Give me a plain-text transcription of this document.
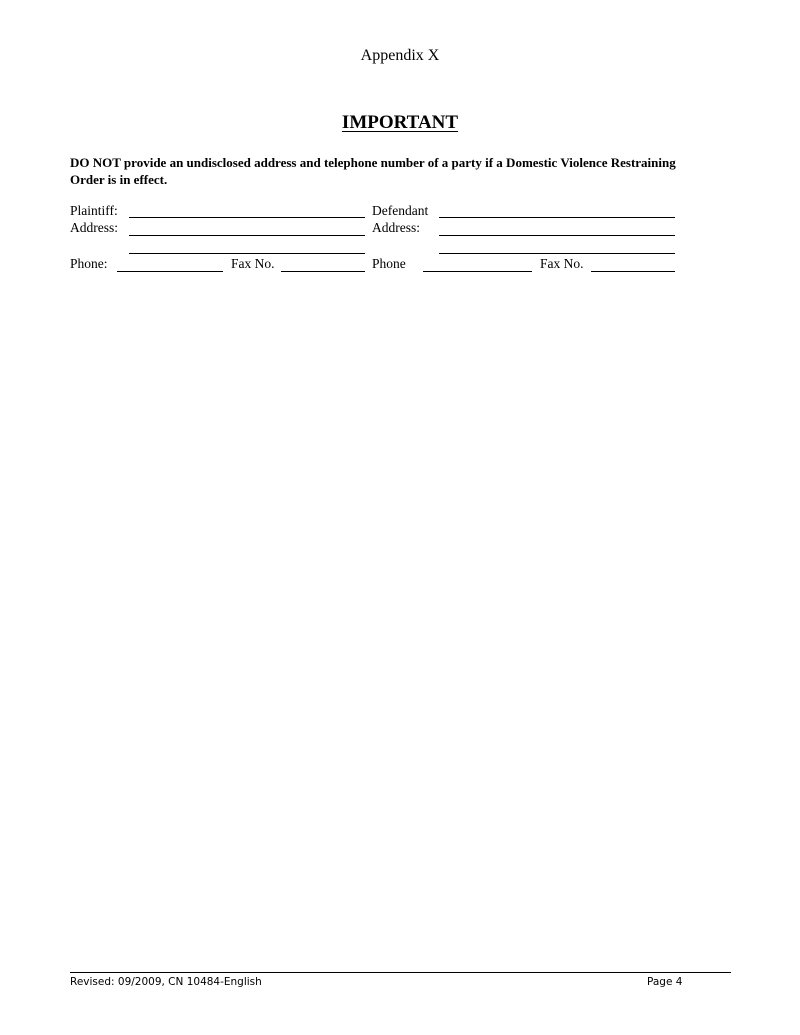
Appendix X
IMPORTANT
DO NOT provide an undisclosed address and telephone number of a party if a Domestic Violence Restraining Order is in effect.
Plaintiff:
Address:
Phone:	Fax No.
Defendant
Address:
Phone	Fax No.
Revised: 09/2009, CN 10484-English	Page 4
